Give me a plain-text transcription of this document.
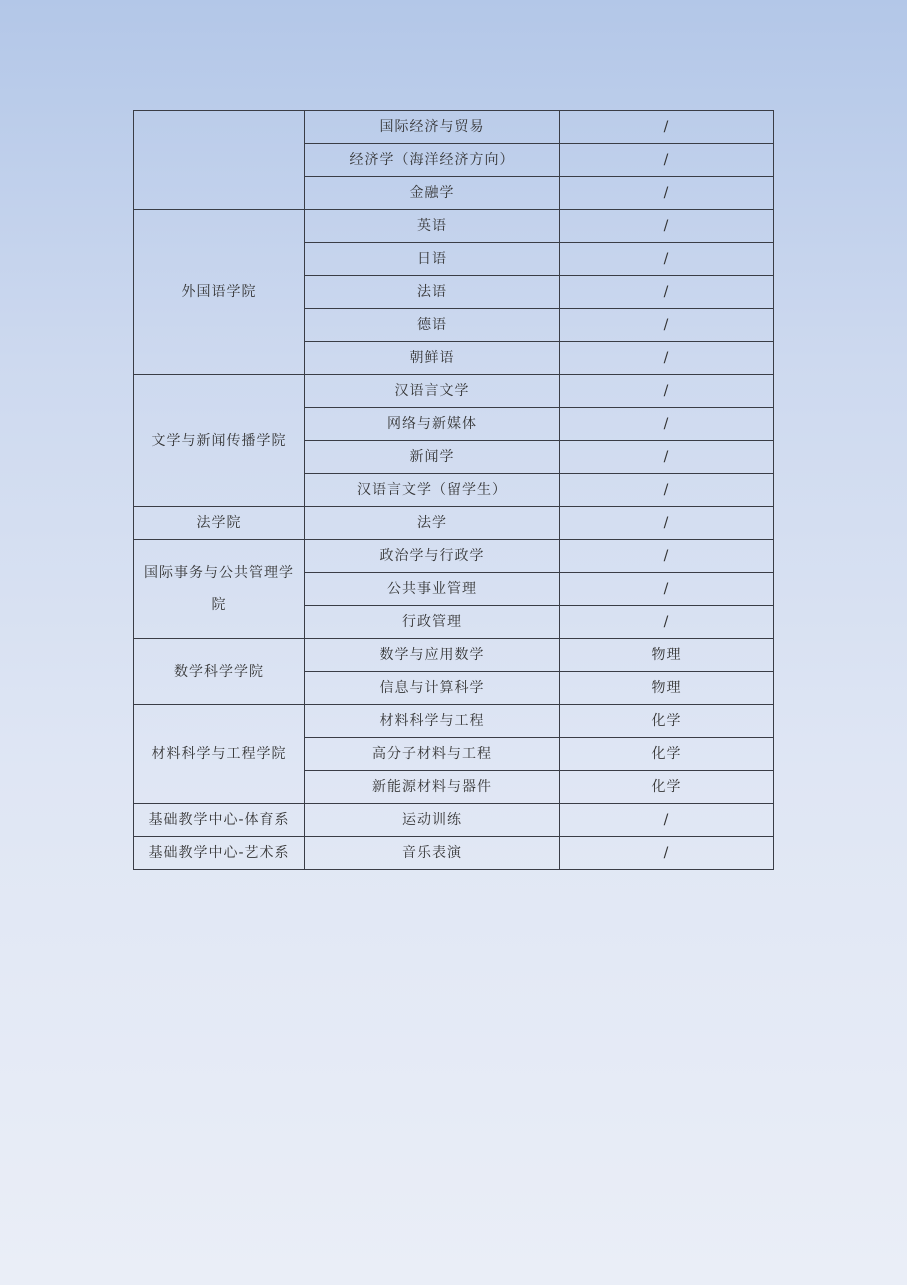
	国际经济与贸易	/
	经济学（海洋经济方向）	/
	金融学	/
外国语学院	英语	/
	日语	/
	法语	/
	德语	/
	朝鲜语	/
文学与新闻传播学院	汉语言文学	/
	网络与新媒体	/
	新闻学	/
	汉语言文学（留学生）	/
法学院	法学	/
国际事务与公共管理学院	政治学与行政学	/
	公共事业管理	/
	行政管理	/
数学科学学院	数学与应用数学	物理
	信息与计算科学	物理
材料科学与工程学院	材料科学与工程	化学
	高分子材料与工程	化学
	新能源材料与器件	化学
基础教学中心-体育系	运动训练	/
基础教学中心-艺术系	音乐表演	/
